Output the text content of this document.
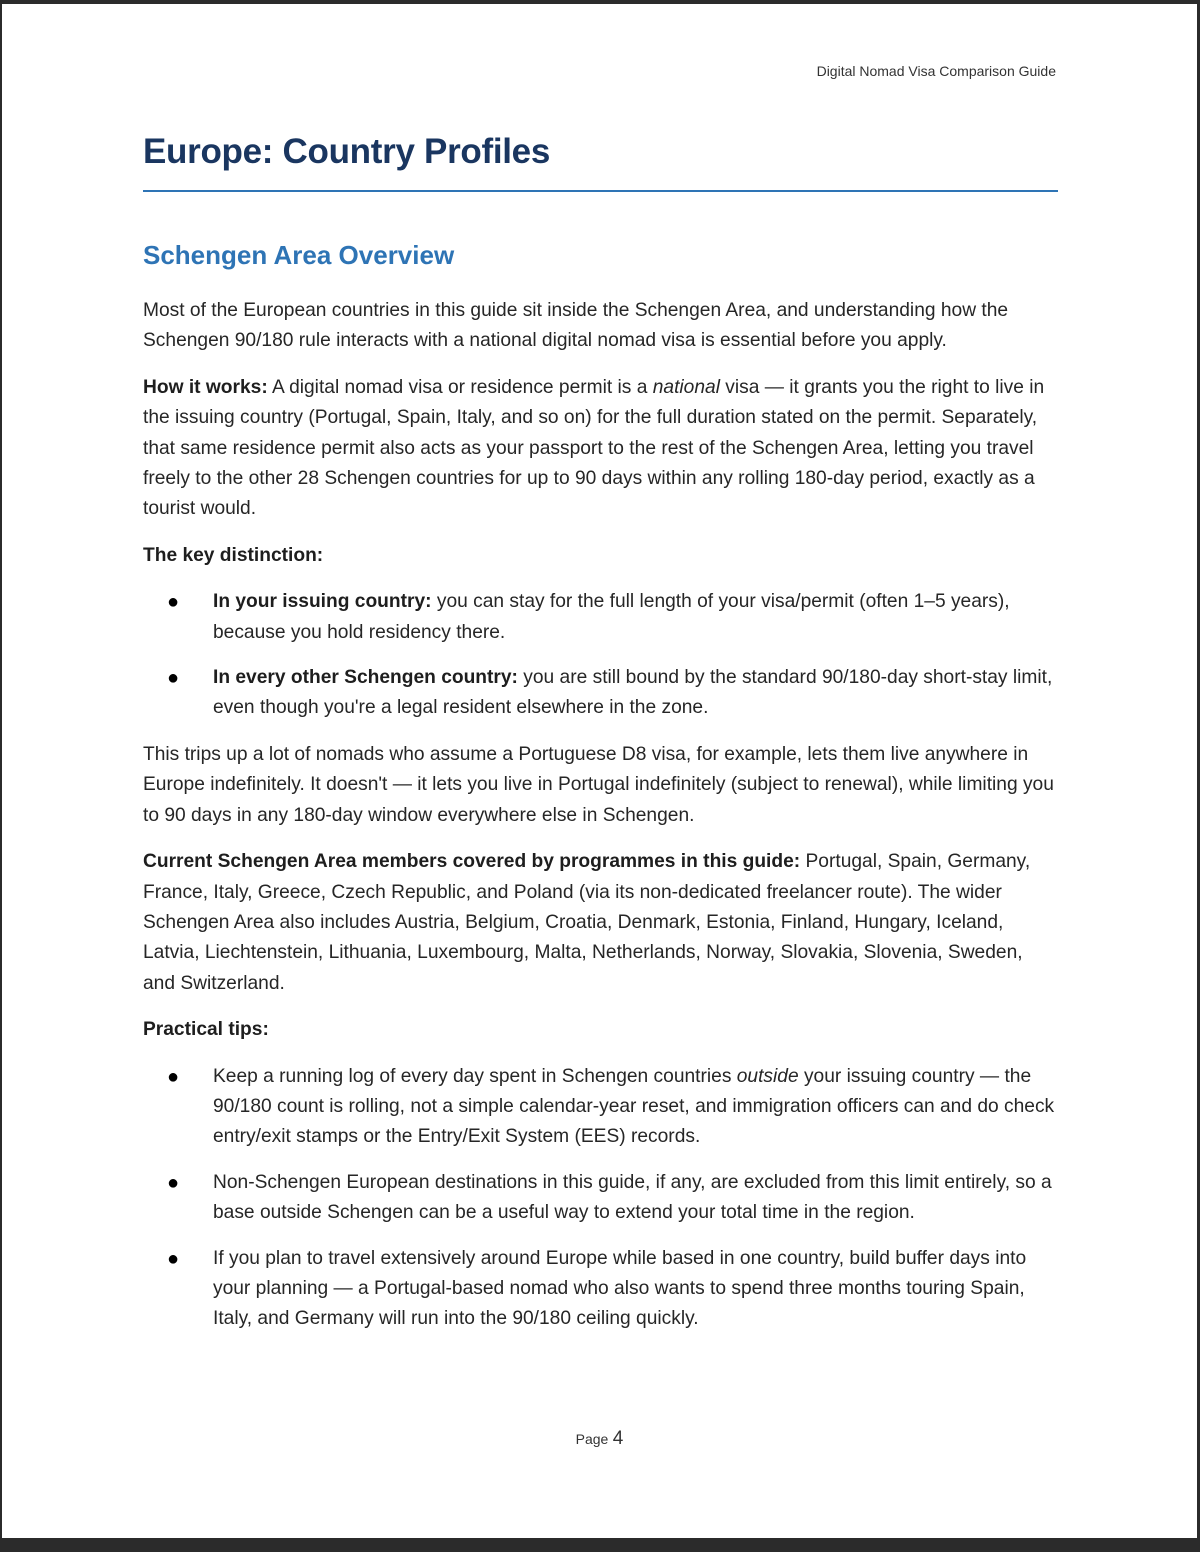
Digital Nomad Visa Comparison Guide
Europe: Country Profiles
Schengen Area Overview

Most of the European countries in this guide sit inside the Schengen Area, and understanding how the Schengen 90/180 rule interacts with a national digital nomad visa is essential before you apply.

How it works: A digital nomad visa or residence permit is a national visa — it grants you the right to live in the issuing country (Portugal, Spain, Italy, and so on) for the full duration stated on the permit. Separately, that same residence permit also acts as your passport to the rest of the Schengen Area, letting you travel freely to the other 28 Schengen countries for up to 90 days within any rolling 180-day period, exactly as a tourist would.

The key distinction:

● In your issuing country: you can stay for the full length of your visa/permit (often 1–5 years), because you hold residency there.
● In every other Schengen country: you are still bound by the standard 90/180-day short-stay limit, even though you're a legal resident elsewhere in the zone.

This trips up a lot of nomads who assume a Portuguese D8 visa, for example, lets them live anywhere in Europe indefinitely. It doesn't — it lets you live in Portugal indefinitely (subject to renewal), while limiting you to 90 days in any 180-day window everywhere else in Schengen.

Current Schengen Area members covered by programmes in this guide: Portugal, Spain, Germany, France, Italy, Greece, Czech Republic, and Poland (via its non-dedicated freelancer route). The wider Schengen Area also includes Austria, Belgium, Croatia, Denmark, Estonia, Finland, Hungary, Iceland, Latvia, Liechtenstein, Lithuania, Luxembourg, Malta, Netherlands, Norway, Slovakia, Slovenia, Sweden, and Switzerland.

Practical tips:

● Keep a running log of every day spent in Schengen countries outside your issuing country — the 90/180 count is rolling, not a simple calendar-year reset, and immigration officers can and do check entry/exit stamps or the Entry/Exit System (EES) records.
● Non-Schengen European destinations in this guide, if any, are excluded from this limit entirely, so a base outside Schengen can be a useful way to extend your total time in the region.
● If you plan to travel extensively around Europe while based in one country, build buffer days into your planning — a Portugal-based nomad who also wants to spend three months touring Spain, Italy, and Germany will run into the 90/180 ceiling quickly.
Page 4
